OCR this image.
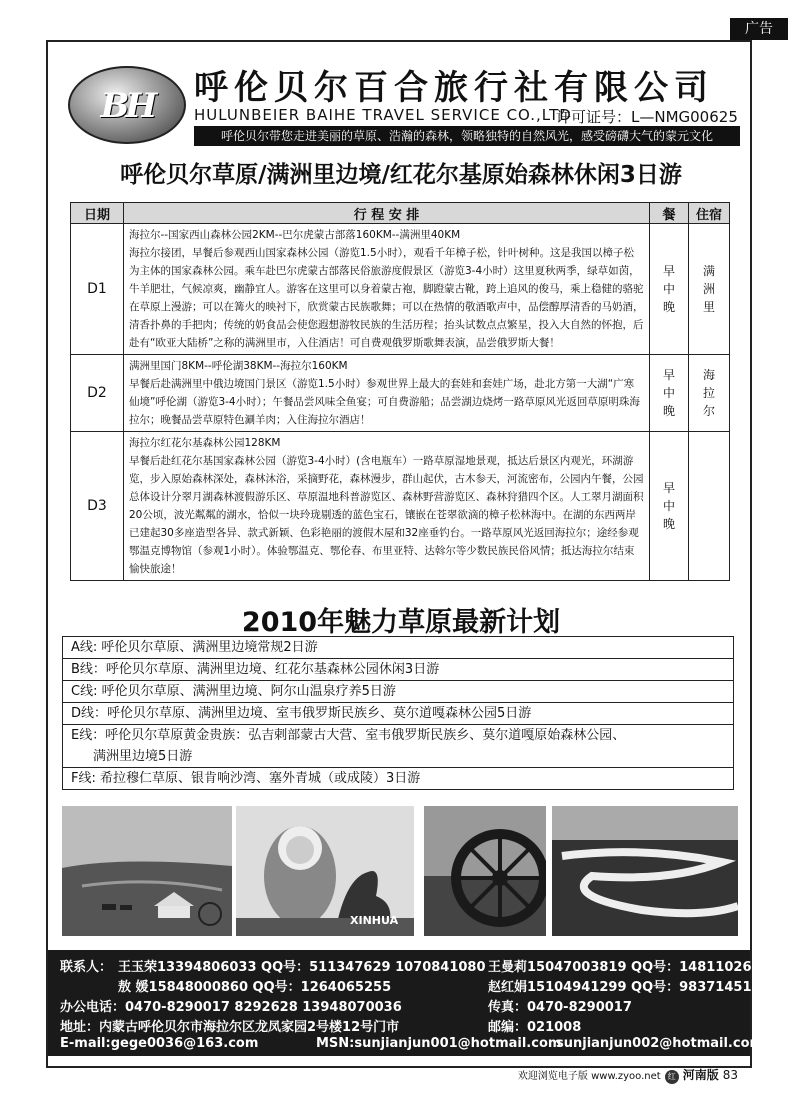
广告
BH	呼伦贝尔百合旅行社有限公司
HULUNBEIER BAIHE TRAVEL SERVICE CO.,LTD
许可证号：L—NMG00625
呼伦贝尔带您走进美丽的草原、浩瀚的森林，领略独特的自然风光，感受磅礴大气的蒙元文化
呼伦贝尔草原/满洲里边境/红花尔基原始森林休闲3日游
日期	行 程 安 排	餐	住宿
D1	海拉尔--国家西山森林公园2KM--巴尔虎蒙古部落160KM--满洲里40KM
海拉尔接团，早餐后参观西山国家森林公园（游览1.5小时），观看千年樟子松，针叶树种。这是我国以樟子松为主体的国家森林公园。乘车赴巴尔虎蒙古部落民俗旅游度假景区（游览3-4小时）这里夏秋两季，绿草如茵，牛羊肥壮，气候凉爽，幽静宜人。游客在这里可以身着蒙古袍，脚蹬蒙古靴，跨上追风的俊马，乘上稳健的骆驼在草原上漫游；可以在篝火的映衬下，欣赏蒙古民族歌舞；可以在热情的敬酒歌声中，品偿醇厚清香的马奶酒，清香扑鼻的手把肉；传统的奶食品会使您遐想游牧民族的生活历程；抬头试数点点繁星，投入大自然的怀抱，后赴有“欧亚大陆桥”之称的满洲里市，入住酒店！可自费观俄罗斯歌舞表演，品尝俄罗斯大餐！	早中晚	满洲里
D2	满洲里国门8KM--呼伦湖38KM--海拉尔160KM
早餐后赴满洲里中俄边境国门景区（游览1.5小时）参观世界上最大的套娃和套娃广场，赴北方第一大湖“广寒仙境”呼伦湖（游览3-4小时）；午餐品尝风味全鱼宴；可自费游船；品尝湖边烧烤一路草原风光返回草原明珠海拉尔；晚餐品尝草原特色涮羊肉；入住海拉尔酒店！	早中晚	海拉尔
D3	海拉尔红花尔基森林公园128KM
早餐后赴红花尔基国家森林公园（游览3-4小时）(含电瓶车）一路草原湿地景观，抵达后景区内观光，环湖游览，步入原始森林深处，森林沐浴，采摘野花，森林漫步，群山起伏，古木参天，河流密布，公园内午餐，公园总体设计分翠月湖森林渡假游乐区、草原温地科普游览区、森林野营游览区、森林狩猎四个区。人工翠月湖面积20公顷，波光粼粼的湖水，恰似一块玲珑剔透的蓝色宝石，镶嵌在苍翠欲滴的樟子松林海中。在湖的东西两岸已建起30多座造型各异、款式新颖、色彩艳丽的渡假木屋和32座垂钓台。一路草原风光返回海拉尔；途经参观鄂温克博物馆（参观1小时）。体验鄂温克、鄂伦春、布里亚特、达斡尔等少数民族民俗风情；抵达海拉尔结束愉快旅途！	早中晚	
2010年魅力草原最新计划
A线: 呼伦贝尔草原、满洲里边境常规2日游
B线：呼伦贝尔草原、满洲里边境、红花尔基森林公园休闲3日游
C线: 呼伦贝尔草原、满洲里边境、阿尔山温泉疗养5日游
D线：呼伦贝尔草原、满洲里边境、室韦俄罗斯民族乡、莫尔道嘎森林公园5日游
E线：呼伦贝尔草原黄金贵族：弘吉剌部蒙古大营、室韦俄罗斯民族乡、莫尔道嘎原始森林公园、
满洲里边境5日游
F线: 希拉穆仁草原、银肯响沙湾、塞外青城（或成陵）3日游
XINHUA
联系人： 王玉荣13394806033 QQ号：511347629 1070841080 王曼莉15047003819 QQ号：1481102669
敖 媛15848000860 QQ号：1264065255	赵红娟15104941299 QQ号：983714517
办公电话：0470-8290017 8292628 13948070036	传真：0470-8290017
地址：内蒙古呼伦贝尔市海拉尔区龙凤家园2号楼12号门市	邮编：021008
E-mail:gege0036@163.com	MSN:sunjianjun001@hotmail.com
sunjianjun002@hotmail.com
欢迎浏览电子版 www.zyoo.net 红 河南版 83
